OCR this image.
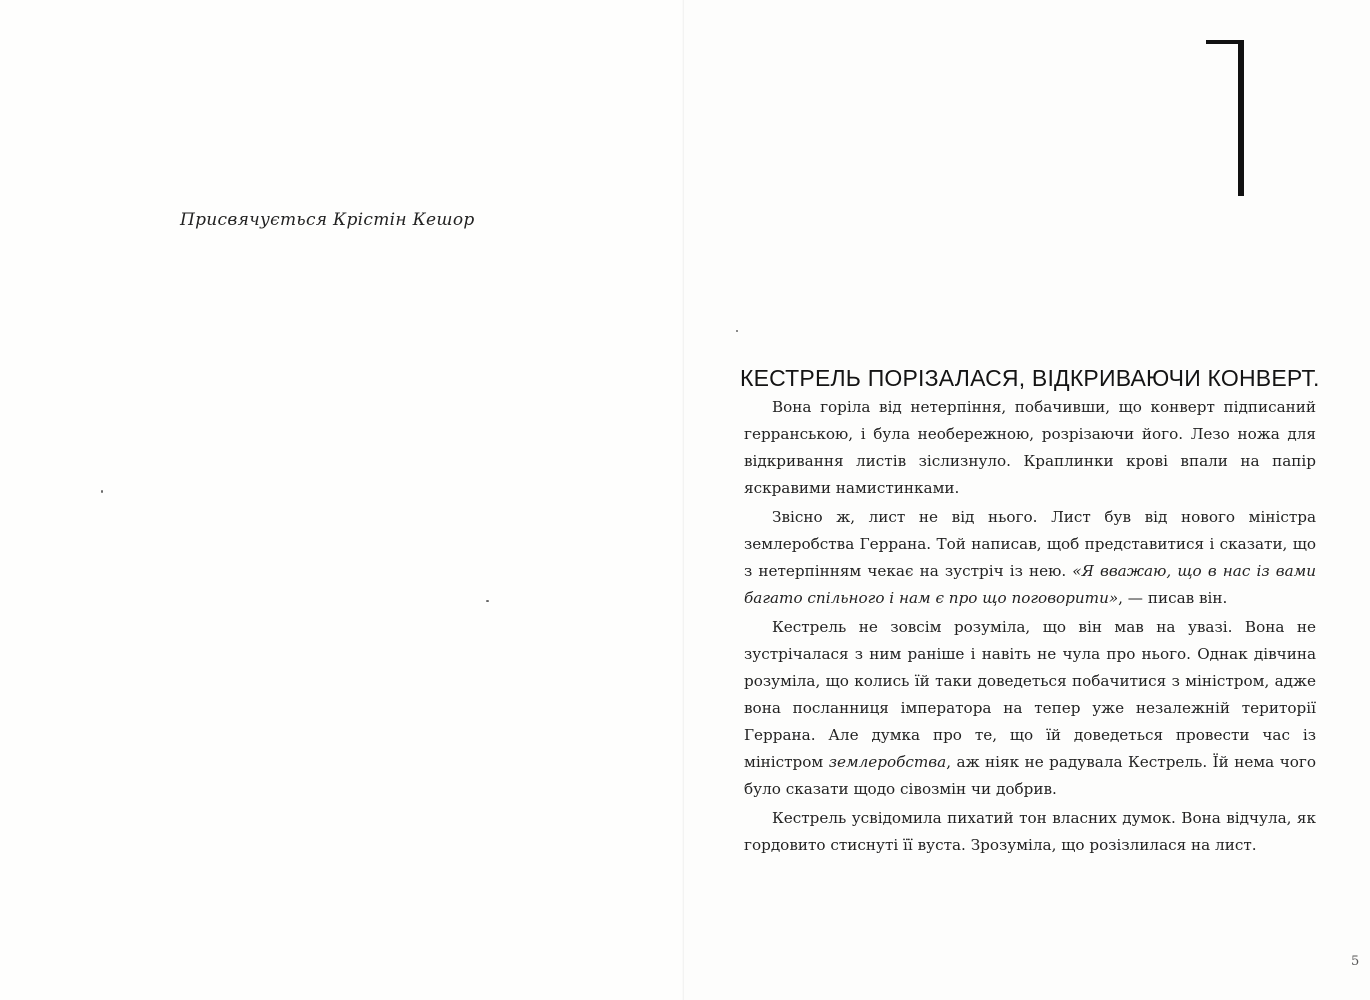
Присвячується Крістін Кешор
КЕСТРЕЛЬ ПОРІЗАЛАСЯ, ВІДКРИВАЮЧИ КОНВЕРТ.

Вона горіла від нетерпіння, побачивши, що конверт підписаний герранською, і була необережною, розрізаючи його. Лезо ножа для відкривання листів зіслизнуло. Краплинки крові впали на папір яскравими намистинками.

Звісно ж, лист не від нього. Лист був від нового міністра землеробства Геррана. Той написав, щоб представитися і сказати, що з нетерпінням чекає на зустріч із нею. «Я вважаю, що в нас із вами багато спільного і нам є про що поговорити», — писав він.

Кестрель не зовсім розуміла, що він мав на увазі. Вона не зустрічалася з ним раніше і навіть не чула про нього. Однак дівчина розуміла, що колись їй таки доведеться побачитися з міністром, адже вона посланниця імператора на тепер уже незалежній території Геррана. Але думка про те, що їй доведеться провести час із міністром землеробства, аж ніяк не радувала Кестрель. Їй нема чого було сказати щодо сівозмін чи добрив.

Кестрель усвідомила пихатий тон власних думок. Вона відчула, як гордовито стиснуті її вуста. Зрозуміла, що розізлилася на лист.

5
